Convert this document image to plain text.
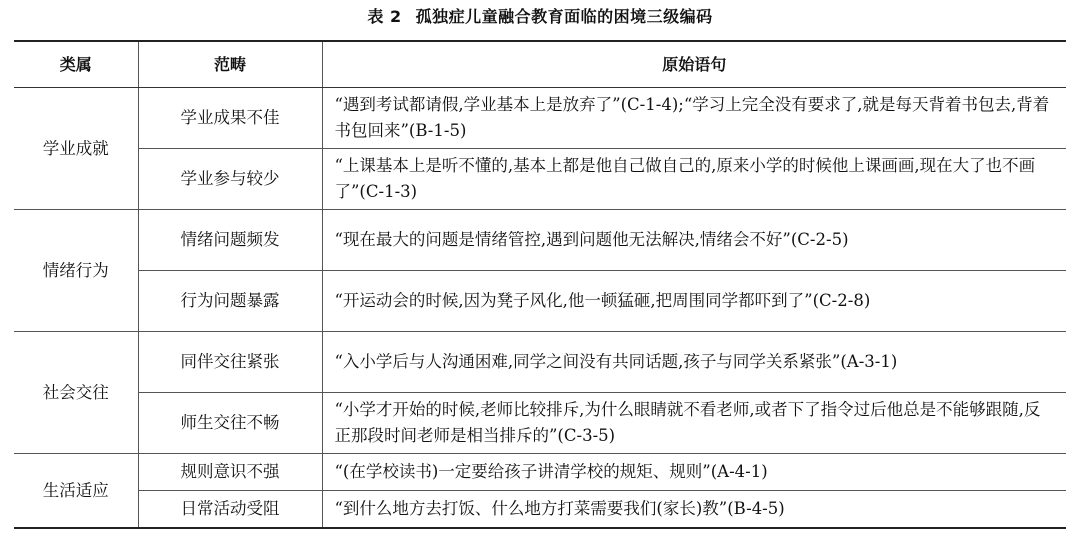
表 2 孤独症儿童融合教育面临的困境三级编码
类属	范畴	原始语句
学业成就	学业成果不佳	“遇到考试都请假,学业基本上是放弃了”(C-1-4);“学习上完全没有要求了,就是每天背着书包去,背着书包回来”(B-1-5)
	学业参与较少	“上课基本上是听不懂的,基本上都是他自己做自己的,原来小学的时候他上课画画,现在大了也不画了”(C-1-3)
情绪行为	情绪问题频发	“现在最大的问题是情绪管控,遇到问题他无法解决,情绪会不好”(C-2-5)
	行为问题暴露	“开运动会的时候,因为凳子风化,他一顿猛砸,把周围同学都吓到了”(C-2-8)
社会交往	同伴交往紧张	“入小学后与人沟通困难,同学之间没有共同话题,孩子与同学关系紧张”(A-3-1)
	师生交往不畅	“小学才开始的时候,老师比较排斥,为什么眼睛就不看老师,或者下了指令过后他总是不能够跟随,反正那段时间老师是相当排斥的”(C-3-5)
生活适应	规则意识不强	“(在学校读书)一定要给孩子讲清学校的规矩、规则”(A-4-1)
	日常活动受阻	“到什么地方去打饭、什么地方打菜需要我们(家长)教”(B-4-5)
